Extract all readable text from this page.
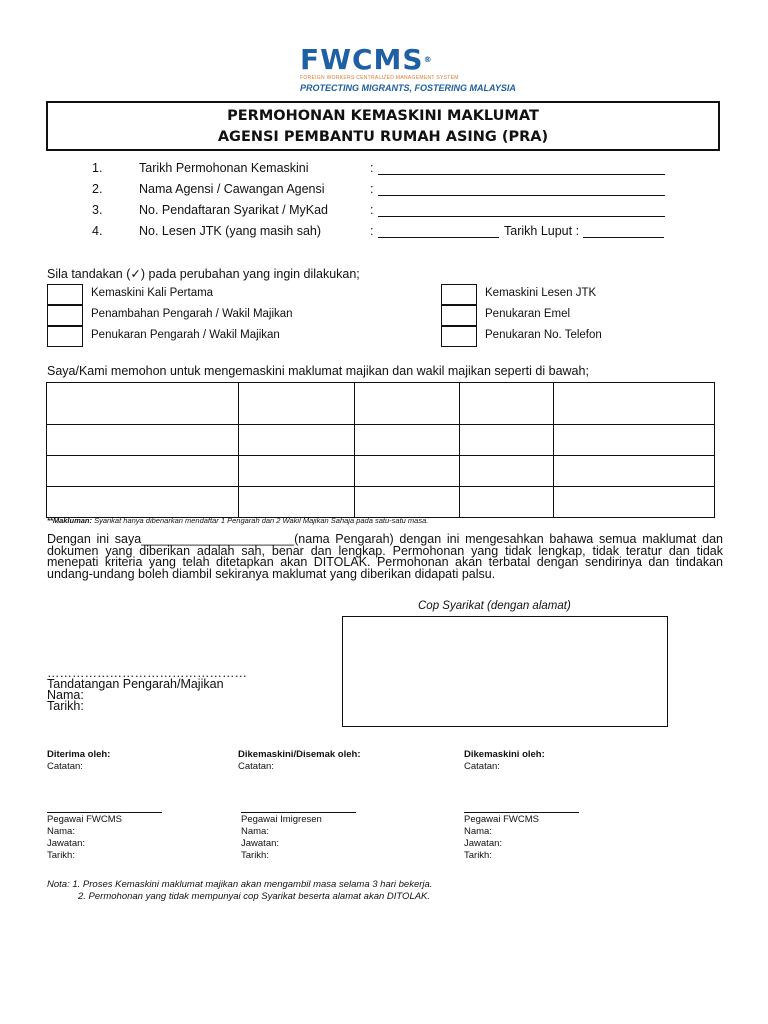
FWCMS®
FOREIGN WORKERS CENTRALIZED MANAGEMENT SYSTEM
PROTECTING MIGRANTS, FOSTERING MALAYSIA
PERMOHONAN KEMASKINI MAKLUMAT
AGENSI PEMBANTU RUMAH ASING (PRA)
1.	Tarikh Permohonan Kemaskini	:
2.	Nama Agensi / Cawangan Agensi	:
3.	No. Pendaftaran Syarikat / MyKad	:
4.	No. Lesen JTK (yang masih sah)	:	Tarikh Luput :
Sila tandakan (✓) pada perubahan yang ingin dilakukan;
Kemaskini Kali Pertama
Penambahan Pengarah / Wakil Majikan
Penukaran Pengarah / Wakil Majikan
Kemaskini Lesen JTK
Penukaran Emel
Penukaran No. Telefon
Saya/Kami memohon untuk mengemaskini maklumat majikan dan wakil majikan seperti di bawah;

**Makluman: Syarikat hanya dibenarkan mendaftar 1 Pengarah dan 2 Wakil Majikan Sahaja pada satu-satu masa.
Dengan ini saya______________________(nama Pengarah) dengan ini mengesahkan bahawa semua maklumat dan dokumen yang diberikan adalah sah, benar dan lengkap. Permohonan yang tidak lengkap, tidak teratur dan tidak menepati kriteria yang telah ditetapkan akan DITOLAK. Permohonan akan terbatal dengan sendirinya dan tindakan undang-undang boleh diambil sekiranya maklumat yang diberikan didapati palsu.
Cop Syarikat (dengan alamat)
…………………………………………
Tandatangan Pengarah/Majikan
Nama:
Tarikh:
Diterima oleh:
Catatan:
Pegawai FWCMS
Nama:
Jawatan:
Tarikh:
Dikemaskini/Disemak oleh:
Catatan:
Pegawai Imigresen
Nama:
Jawatan:
Tarikh:
Dikemaskini oleh:
Catatan:
Pegawai FWCMS
Nama:
Jawatan:
Tarikh:
Nota: 1. Proses Kemaskini maklumat majikan akan mengambil masa selama 3 hari bekerja.
2. Permohonan yang tidak mempunyai cop Syarikat beserta alamat akan DITOLAK.
